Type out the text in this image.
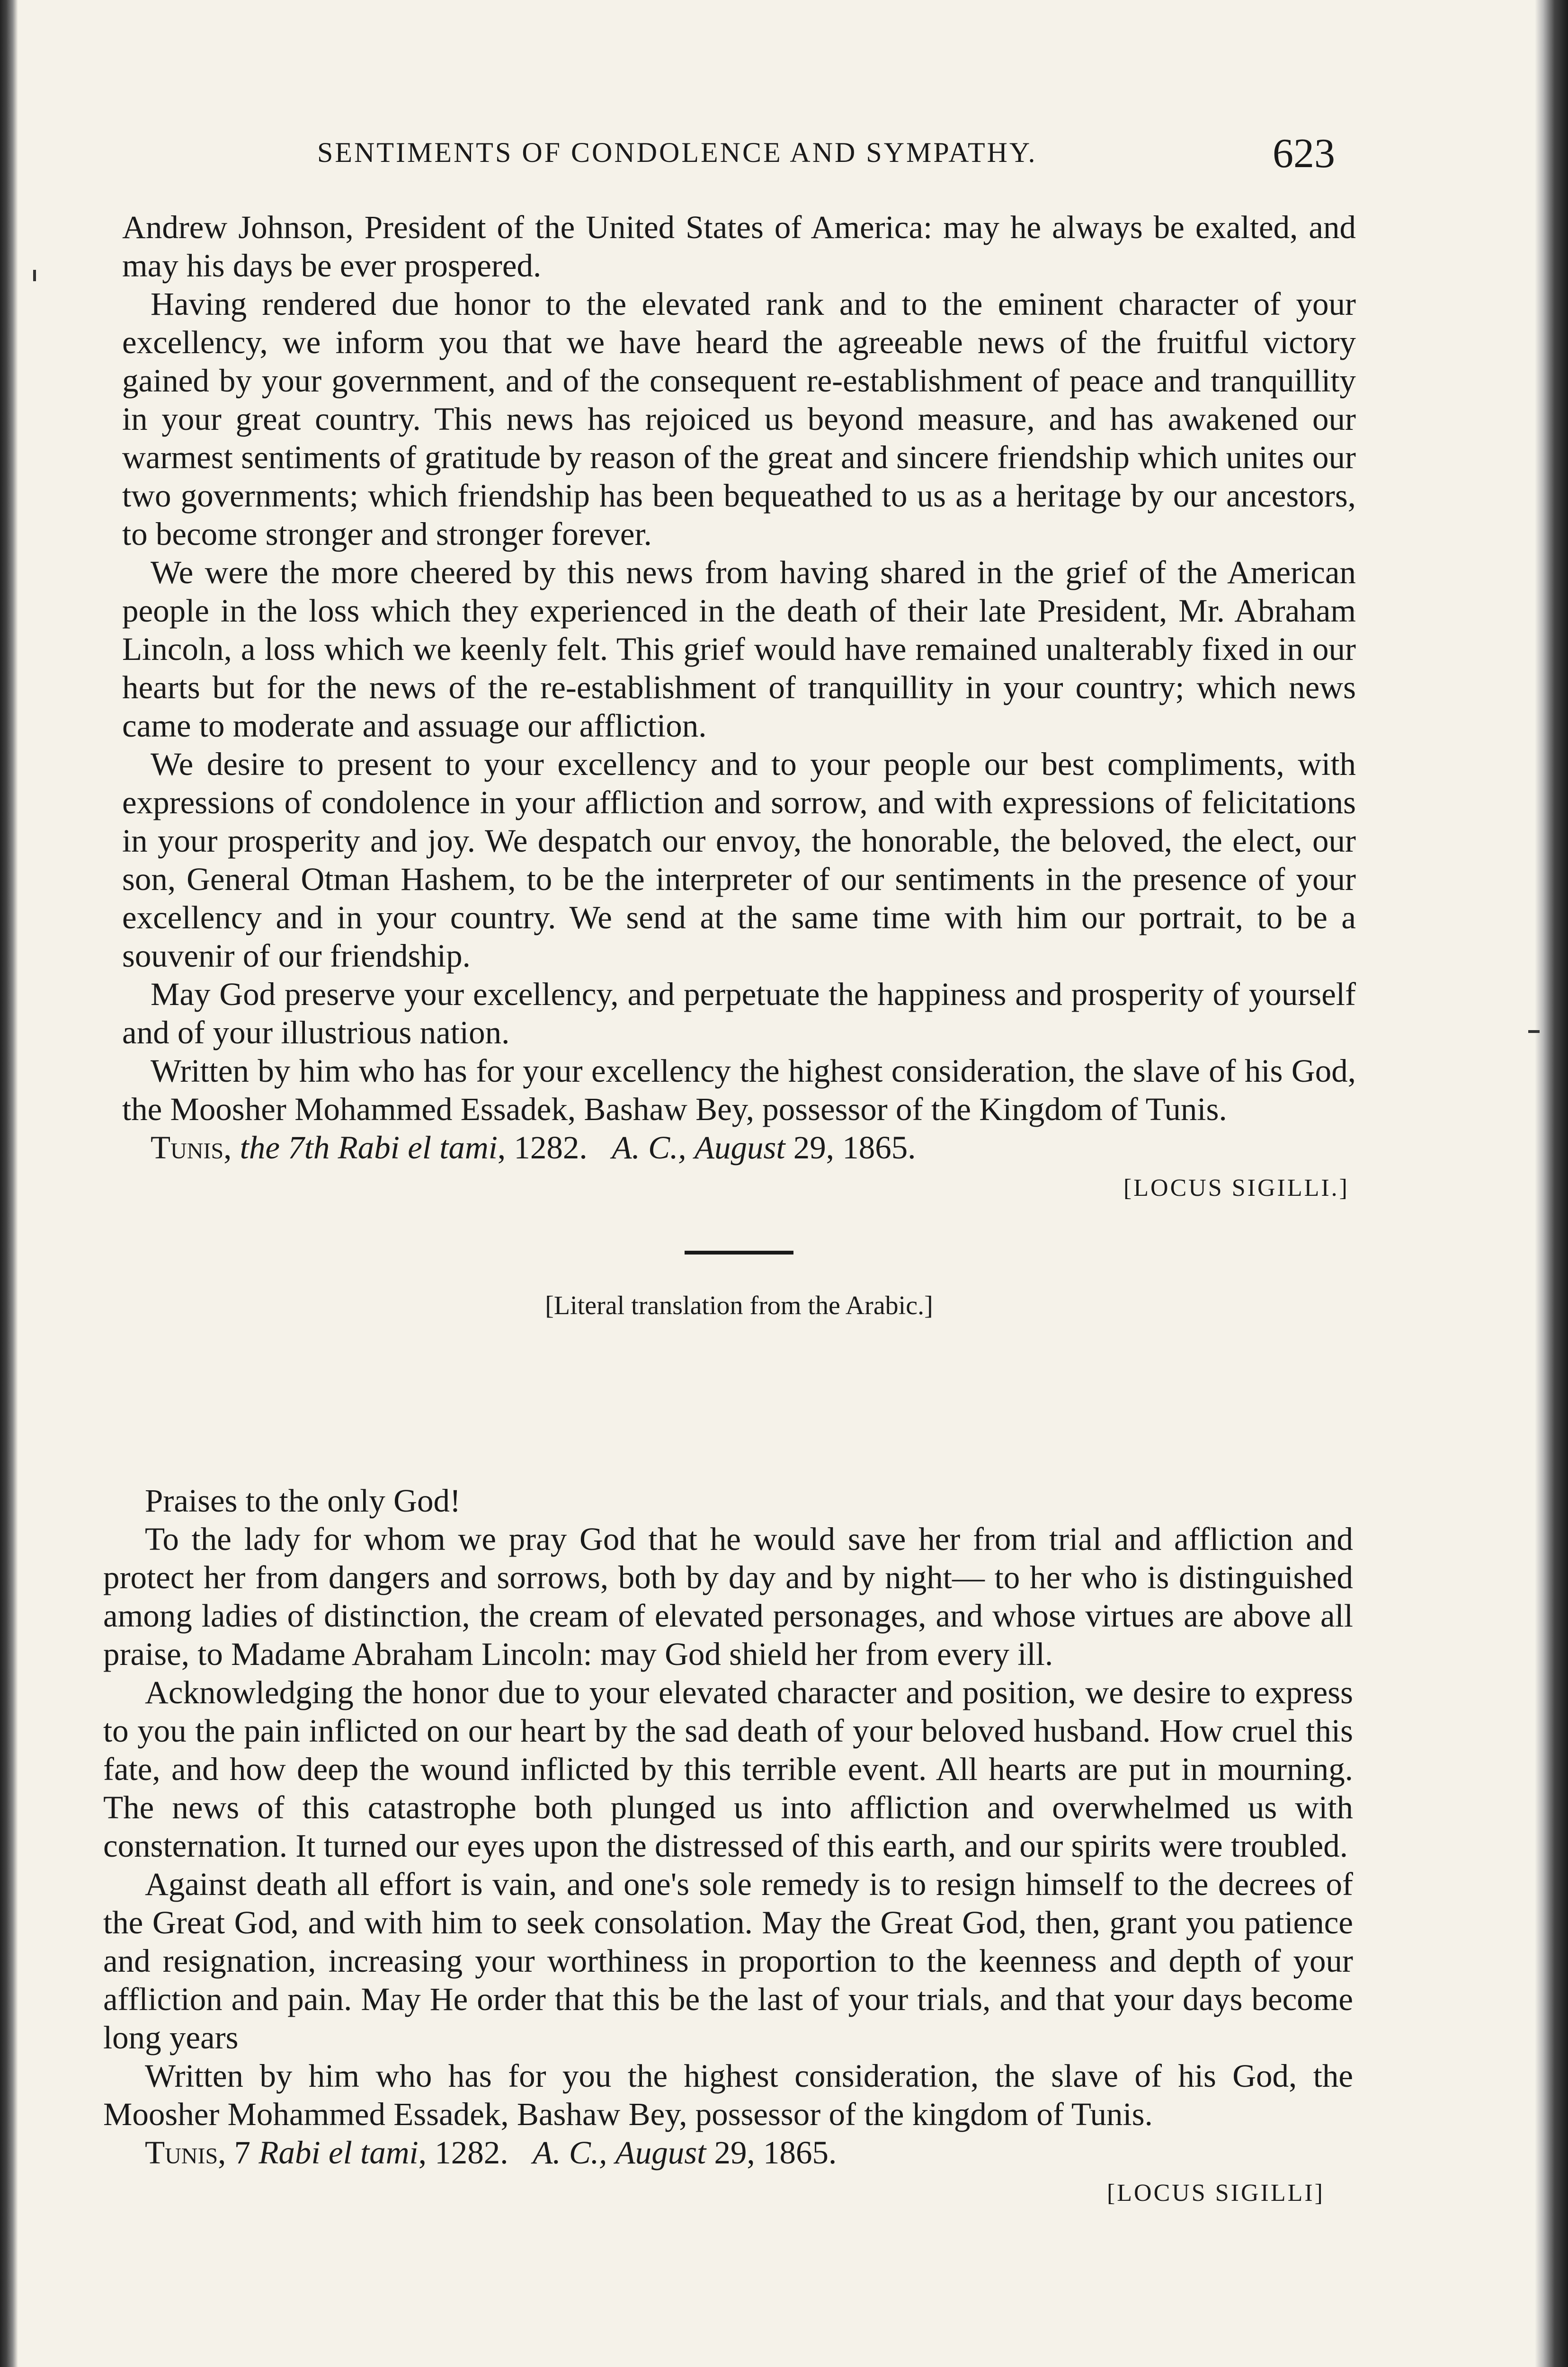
SENTIMENTS OF CONDOLENCE AND SYMPATHY.	623

Andrew Johnson, President of the United States of America: may he always be exalted, and may his days be ever prospered.

Having rendered due honor to the elevated rank and to the eminent character of your excellency, we inform you that we have heard the agreeable news of the fruitful victory gained by your government, and of the consequent re-establishment of peace and tranquillity in your great country. This news has rejoiced us beyond measure, and has awakened our warmest sentiments of gratitude by reason of the great and sincere friendship which unites our two governments; which friendship has been bequeathed to us as a heritage by our ancestors, to become stronger and stronger forever.

We were the more cheered by this news from having shared in the grief of the American people in the loss which they experienced in the death of their late President, Mr. Abraham Lincoln, a loss which we keenly felt. This grief would have remained unalterably fixed in our hearts but for the news of the re-establishment of tranquillity in your country; which news came to moderate and assuage our affliction.

We desire to present to your excellency and to your people our best compliments, with expressions of condolence in your affliction and sorrow, and with expressions of felicitations in your prosperity and joy. We despatch our envoy, the honorable, the beloved, the elect, our son, General Otman Hashem, to be the interpreter of our sentiments in the presence of your excellency and in your country. We send at the same time with him our portrait, to be a souvenir of our friendship.

May God preserve your excellency, and perpetuate the happiness and prosperity of yourself and of your illustrious nation.

Written by him who has for your excellency the highest consideration, the slave of his God, the Moosher Mohammed Essadek, Bashaw Bey, possessor of the Kingdom of Tunis.

Tunis, the 7th Rabi el tami, 1282. A. C., August 29, 1865.

[LOCUS SIGILLI.]
[Literal translation from the Arabic.]

Praises to the only God!

To the lady for whom we pray God that he would save her from trial and affliction and protect her from dangers and sorrows, both by day and by night— to her who is distinguished among ladies of distinction, the cream of elevated personages, and whose virtues are above all praise, to Madame Abraham Lincoln: may God shield her from every ill.

Acknowledging the honor due to your elevated character and position, we desire to express to you the pain inflicted on our heart by the sad death of your beloved husband. How cruel this fate, and how deep the wound inflicted by this terrible event. All hearts are put in mourning. The news of this catastrophe both plunged us into affliction and overwhelmed us with consternation. It turned our eyes upon the distressed of this earth, and our spirits were troubled.

Against death all effort is vain, and one's sole remedy is to resign himself to the decrees of the Great God, and with him to seek consolation. May the Great God, then, grant you patience and resignation, increasing your worthiness in proportion to the keenness and depth of your affliction and pain. May He order that this be the last of your trials, and that your days become long years

Written by him who has for you the highest consideration, the slave of his God, the Moosher Mohammed Essadek, Bashaw Bey, possessor of the kingdom of Tunis.

Tunis, 7 Rabi el tami, 1282. A. C., August 29, 1865.

[LOCUS SIGILLI]
